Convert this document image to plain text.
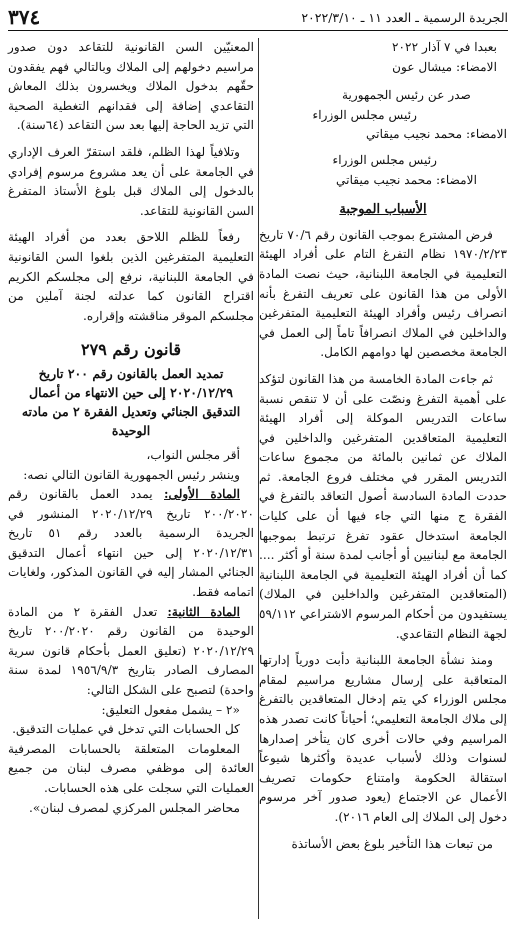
٣٧٤	الجريدة الرسمية ـ العدد ١١ ـ ٢٠٢٢/٣/١٠

بعبدا في ٧ آذار ٢٠٢٢

الامضاء: ميشال عون

صدر عن رئيس الجمهورية

رئيس مجلس الوزراء

الامضاء: محمد نجيب ميقاتي

رئيس مجلس الوزراء

الامضاء: محمد نجيب ميقاتي

الأسباب الموجبة

فرض المشترع بموجب القانون رقم ٧٠/٦ تاريخ ١٩٧٠/٢/٢٣ نظام التفرغ التام على أفراد الهيئة التعليمية في الجامعة اللبنانية، حيث نصت المادة الأولى من هذا القانون على تعريف التفرغ بأنه انصراف رئيس وأفراد الهيئة التعليمية المتفرغين والداخلين في الملاك انصرافاً تاماً إلى العمل في الجامعة مخصصين لها دوامهم الكامل.

ثم جاءت المادة الخامسة من هذا القانون لتؤكد على أهمية التفرغ ونصّت على أن لا تنقص نسبة ساعات التدريس الموكلة إلى أفراد الهيئة التعليمية المتعاقدين المتفرغين والداخلين في الملاك عن ثمانين بالمائة من مجموع ساعات التدريس المقرر في مختلف فروع الجامعة. ثم حددت المادة السادسة أصول التعاقد بالتفرغ في الفقرة ج منها التي جاء فيها أن على كليات الجامعة استدخال عقود تفرغ ترتبط بموجبها الجامعة مع لبنانيين أو أجانب لمدة سنة أو أكثر .... كما أن أفراد الهيئة التعليمية في الجامعة اللبنانية (المتعاقدين المتفرغين والداخلين في الملاك) يستفيدون من أحكام المرسوم الاشتراعي ٥٩/١١٢ لجهة النظام التقاعدي.

ومنذ نشأة الجامعة اللبنانية دأبت دورياً إدارتها المتعاقبة على إرسال مشاريع مراسيم لمقام مجلس الوزراء كي يتم إدخال المتعاقدين بالتفرغ إلى ملاك الجامعة التعليمي؛ أحياناً كانت تصدر هذه المراسيم وفي حالات أخرى كان يتأخر إصدارها لسنوات وذلك لأسباب عديدة وأكثرها شيوعاً استقالة الحكومة وامتناع حكومات تصريف الأعمال عن الاجتماع (يعود صدور آخر مرسوم دخول إلى الملاك إلى العام ٢٠١٦).

من تبعات هذا التأخير بلوغ بعض الأساتذة

المعنيّين السن القانونية للتقاعد دون صدور مراسيم دخولهم إلى الملاك وبالتالي فهم يفقدون حقّهم بدخول الملاك ويخسرون بذلك المعاش التقاعدي إضافة إلى فقدانهم التغطية الصحية التي تزيد الحاجة إليها بعد سن التقاعد (٦٤سنة).

وتلافياً لهذا الظلم، فلقد استقرّ العرف الإداري في الجامعة على أن يعد مشروع مرسوم إفرادي بالدخول إلى الملاك قبل بلوغ الأستاذ المتفرغ السن القانونية للتقاعد.

رفعاً للظلم اللاحق بعدد من أفراد الهيئة التعليمية المتفرغين الذين بلغوا السن القانونية في الجامعة اللبنانية، نرفع إلى مجلسكم الكريم اقتراح القانون كما عدلته لجنة آملين من مجلسكم الموقر مناقشته وإقراره.

قانون رقم ٢٧٩

تمديد العمل بالقانون رقم ٢٠٠ تاريخ ٢٠٢٠/١٢/٢٩ إلى حين الانتهاء من أعمال التدقيق الجنائي وتعديل الفقرة ٢ من مادته الوحيدة

أقر مجلس النواب،

وينشر رئيس الجمهورية القانون التالي نصه:

المادة الأولى: يمدد العمل بالقانون رقم ٢٠٠/٢٠٢٠ تاريخ ٢٠٢٠/١٢/٢٩ المنشور في الجريدة الرسمية بالعدد رقم ٥١ تاريخ ٢٠٢٠/١٢/٣١ إلى حين انتهاء أعمال التدقيق الجنائي المشار إليه في القانون المذكور، ولغايات اتمامه فقط.

المادة الثانية: تعدل الفقرة ٢ من المادة الوحيدة من القانون رقم ٢٠٠/٢٠٢٠ تاريخ ٢٠٢٠/١٢/٢٩ (تعليق العمل بأحكام قانون سرية المصارف الصادر بتاريخ ١٩٥٦/٩/٣ لمدة سنة واحدة) لتصبح على الشكل التالي:

«٢ – يشمل مفعول التعليق:

كل الحسابات التي تدخل في عمليات التدقيق.

المعلومات المتعلقة بالحسابات المصرفية العائدة إلى موظفي مصرف لبنان من جميع العمليات التي سجلت على هذه الحسابات.

محاضر المجلس المركزي لمصرف لبنان».
